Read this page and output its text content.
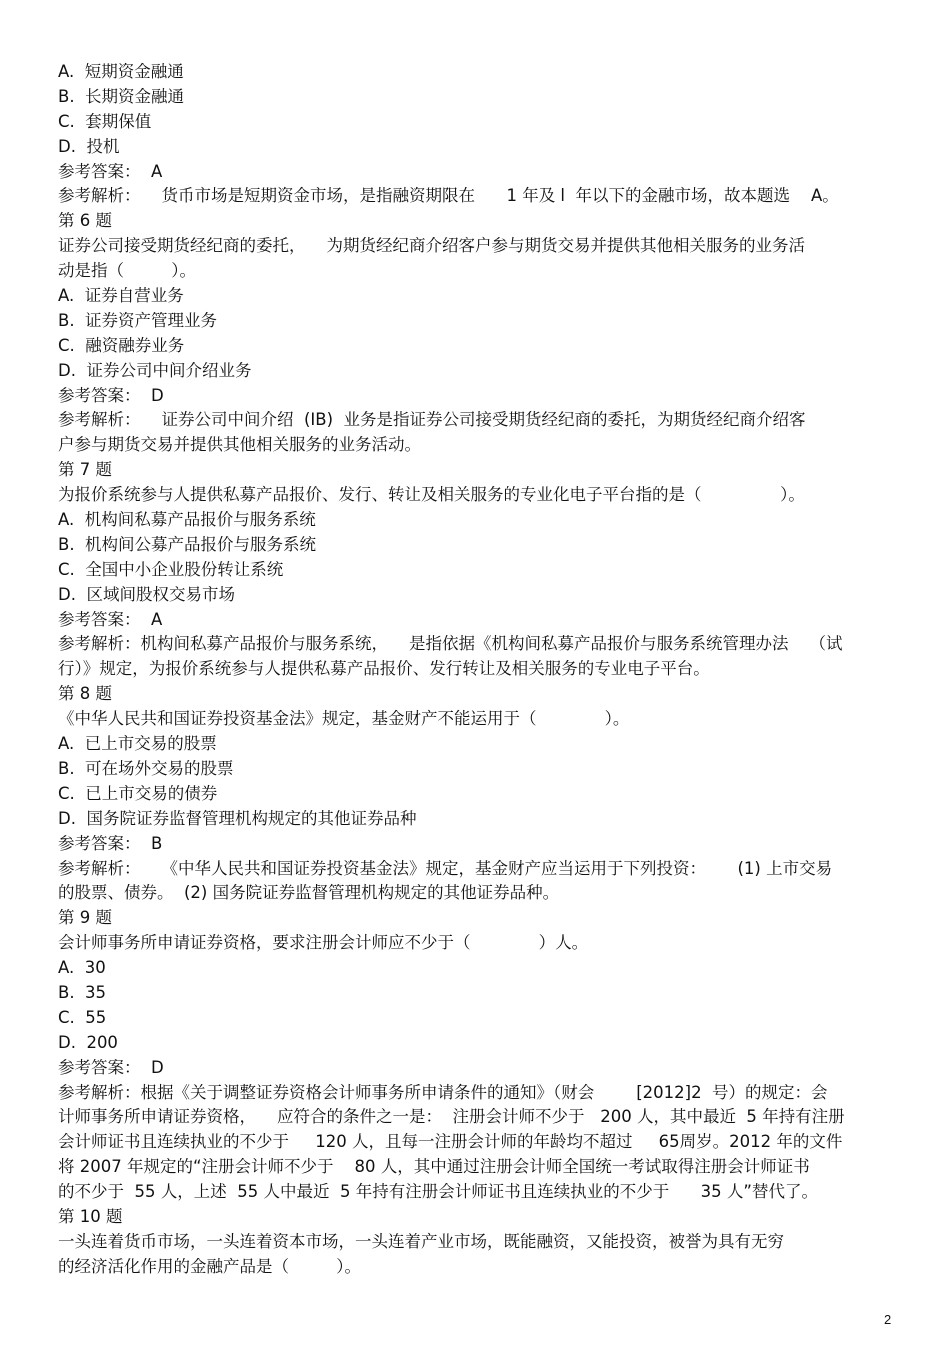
A.  短期资金融通
B.  长期资金融通
C.  套期保值
D.  投机
参考答案：  A
参考解析：    货币市场是短期资金市场，是指融资期限在      1 年及 l  年以下的金融市场，故本题选    A。
第 6 题
证券公司接受期货经纪商的委托，    为期货经纪商介绍客户参与期货交易并提供其他相关服务的业务活
动是指（         ）。
A.  证券自营业务
B.  证券资产管理业务
C.  融资融券业务
D.  证券公司中间介绍业务
参考答案：  D
参考解析：    证券公司中间介绍  (IB)  业务是指证券公司接受期货经纪商的委托，为期货经纪商介绍客
户参与期货交易并提供其他相关服务的业务活动。
第 7 题
为报价系统参与人提供私募产品报价、发行、转让及相关服务的专业化电子平台指的是（               ）。
A.  机构间私募产品报价与服务系统
B.  机构间公募产品报价与服务系统
C.  全国中小企业股份转让系统
D.  区域间股权交易市场
参考答案：  A
参考解析：机构间私募产品报价与服务系统，    是指依据《机构间私募产品报价与服务系统管理办法    （试
行）》规定，为报价系统参与人提供私募产品报价、发行转让及相关服务的专业电子平台。
第 8 题
《中华人民共和国证券投资基金法》规定，基金财产不能运用于（             ）。
A.  已上市交易的股票
B.  可在场外交易的股票
C.  已上市交易的债券
D.  国务院证券监督管理机构规定的其他证券品种
参考答案：  B
参考解析：    《中华人民共和国证券投资基金法》规定，基金财产应当运用于下列投资：      (1) 上市交易
的股票、债券。  (2) 国务院证券监督管理机构规定的其他证券品种。
第 9 题
会计师事务所申请证券资格，要求注册会计师应不少于（             ）人。
A.  30
B.  35
C.  55
D.  200
参考答案：  D
参考解析：根据《关于调整证券资格会计师事务所申请条件的通知》（财会        [2012]2  号）的规定：会
计师事务所申请证券资格，    应符合的条件之一是：  注册会计师不少于   200 人，其中最近  5 年持有注册
会计师证书且连续执业的不少于     120 人，且每一注册会计师的年龄均不超过     65周岁。2012 年的文件
将 2007 年规定的“注册会计师不少于    80 人，其中通过注册会计师全国统一考试取得注册会计师证书
的不少于  55 人，上述  55 人中最近  5 年持有注册会计师证书且连续执业的不少于      35 人”替代了。
第 10 题
一头连着货币市场，一头连着资本市场，一头连着产业市场，既能融资，又能投资，被誉为具有无穷
的经济活化作用的金融产品是（         ）。
2
